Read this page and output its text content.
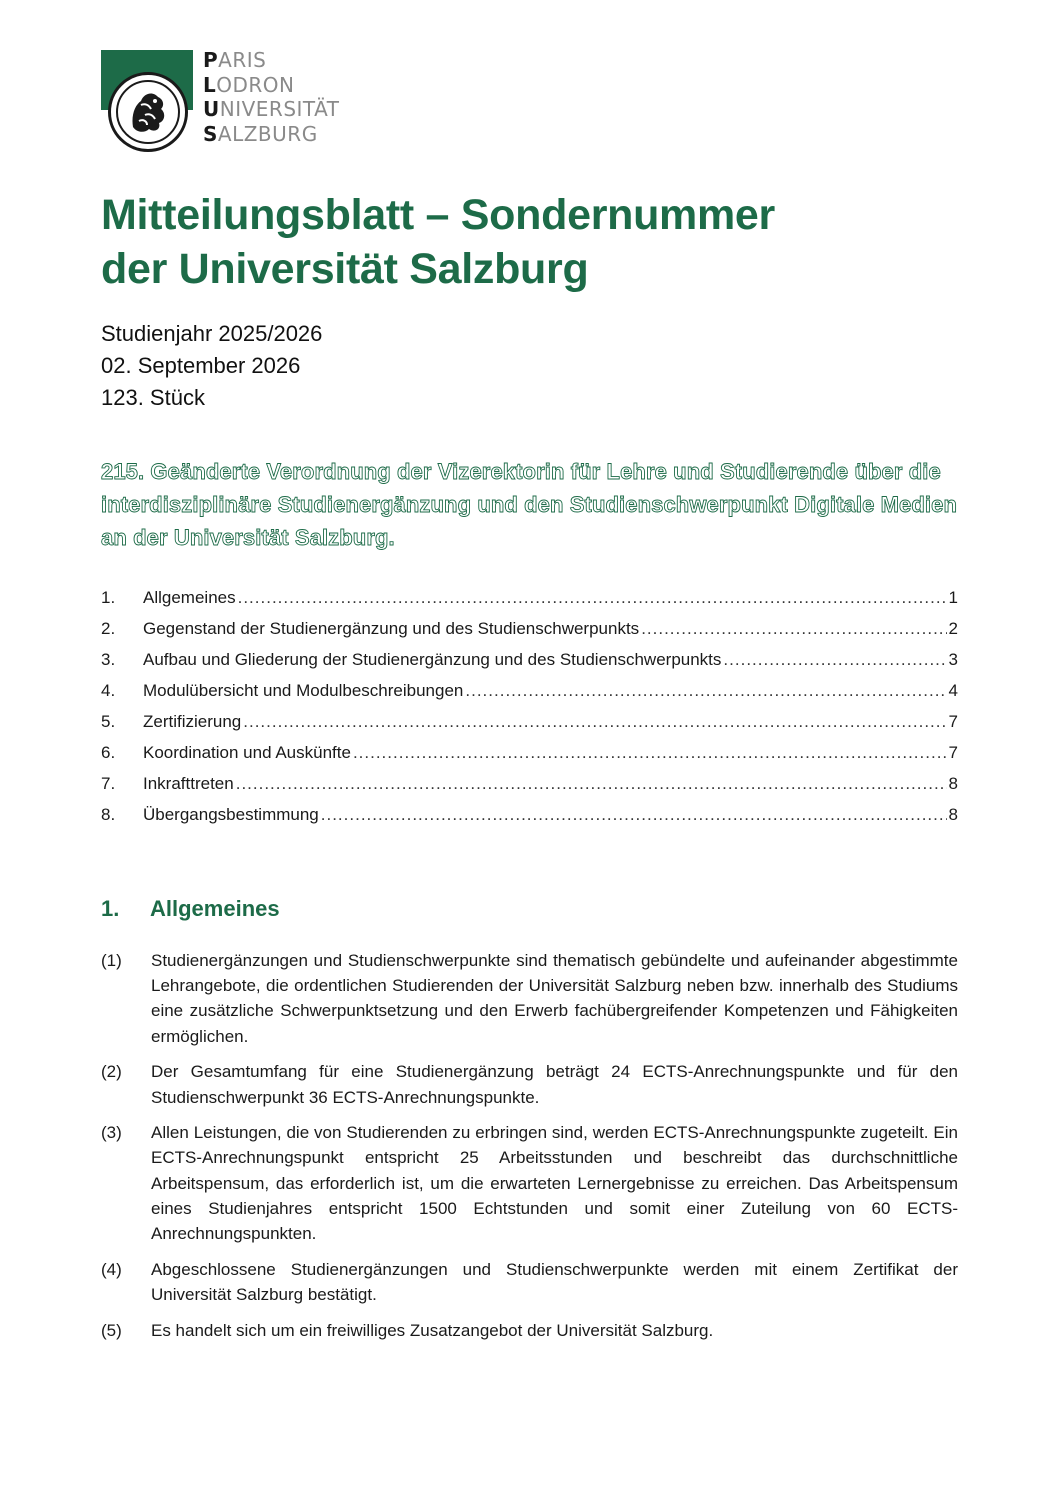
PARIS
LODRON
UNIVERSITÄT
SALZBURG
Mitteilungsblatt – Sondernummer
der Universität Salzburg
Studienjahr 2025/2026
02. September 2026
123. Stück
215. Geänderte Verordnung der Vizerektorin für Lehre und Studierende über die interdisziplinäre Studienergänzung und den Studienschwerpunkt Digitale Medien an der Universität Salzburg.
1.	Allgemeines .....	1
2.	Gegenstand der Studienergänzung und des Studienschwerpunkts .....	2
3.	Aufbau und Gliederung der Studienergänzung und des Studienschwerpunkts .....	3
4.	Modulübersicht und Modulbeschreibungen .....	4
5.	Zertifizierung .....	7
6.	Koordination und Auskünfte .....	7
7.	Inkrafttreten .....	8
8.	Übergangsbestimmung .....	8
1. Allgemeines
(1)	Studienergänzungen und Studienschwerpunkte sind thematisch gebündelte und aufeinander abgestimmte Lehrangebote, die ordentlichen Studierenden der Universität Salzburg neben bzw. innerhalb des Studiums eine zusätzliche Schwerpunktsetzung und den Erwerb fachübergreifender Kompetenzen und Fähigkeiten ermöglichen.
(2)	Der Gesamtumfang für eine Studienergänzung beträgt 24 ECTS-Anrechnungspunkte und für den Studienschwerpunkt 36 ECTS-Anrechnungspunkte.
(3)	Allen Leistungen, die von Studierenden zu erbringen sind, werden ECTS-Anrechnungspunkte zugeteilt. Ein ECTS-Anrechnungspunkt entspricht 25 Arbeitsstunden und beschreibt das durchschnittliche Arbeitspensum, das erforderlich ist, um die erwarteten Lernergebnisse zu erreichen. Das Arbeitspensum eines Studienjahres entspricht 1500 Echtstunden und somit einer Zuteilung von 60 ECTS-Anrechnungspunkten.
(4)	Abgeschlossene Studienergänzungen und Studienschwerpunkte werden mit einem Zertifikat der Universität Salzburg bestätigt.
(5)	Es handelt sich um ein freiwilliges Zusatzangebot der Universität Salzburg.
